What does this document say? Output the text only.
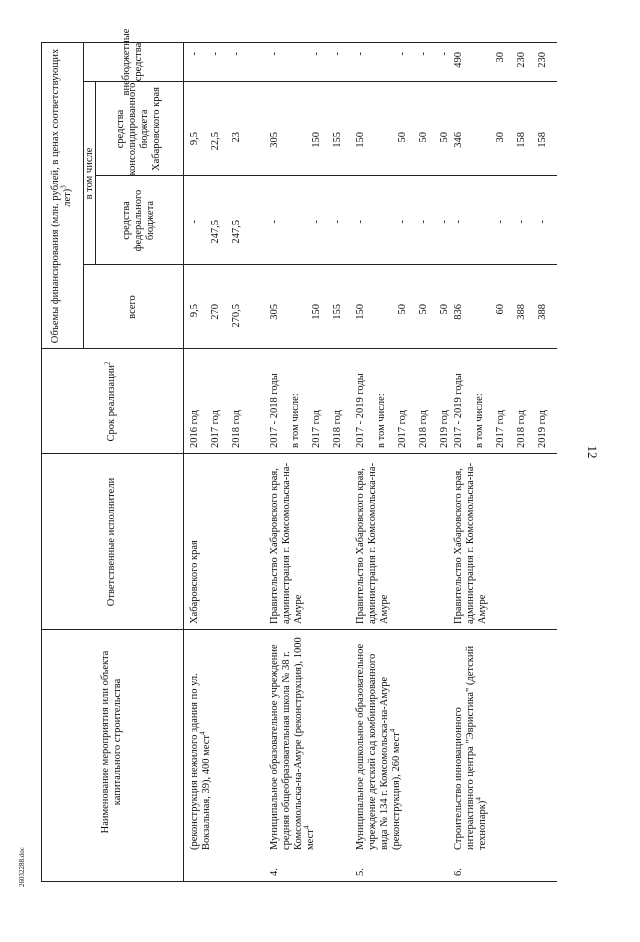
12
26032288.doc
Наименование мероприятия или объекта капитального строительства
Ответственные исполнители
Срок реализации$^2$
Объемы финансирования (млн. рублей, в ценах соответствующих лет)$^3$
всего
в том числе
средства федерального бюджета
средства консолидированного бюджета Хабаровского края
внебюджетные средства
(реконструкция нежилого здания по ул. Вокзальная, 39), 400 мест$^4$
Хабаровского края
2016 год
9,5
-
9,5
-
2017 год
270
247,5
22,5
-
2018 год
270,5
247,5
23
-
4.
Муниципальное образовательное учреждение средняя общеобразовательная школа № 38 г. Комсомольска-на-Амуре (реконструкция), 1000 мест$^4$
Правительство Хабаровского края, администрация г. Комсомольска-на-Амуре
2017 - 2018 годы
305
-
305
-
в том числе: 2017 год
150
-
150
-
2018 год
155
-
155
-
5.
Муниципальное дошкольное образовательное учреждение детский сад комбинированного вида № 134 г. Комсомольска-на-Амуре (реконструкция), 260 мест$^4$
Правительство Хабаровского края, администрация г. Комсомольска-на-Амуре
2017 - 2019 годы
150
-
150
-
в том числе: 2017 год
50
-
50
-
2018 год
50
-
50
-
2019 год
50
-
50
-
6.
Строительство инновационного интерактивного центра "Эвристика" (детский технопарк)$^4$
Правительство Хабаровского края, администрация г. Комсомольска-на-Амуре
2017 - 2019 годы
836
-
346
490
в том числе: 2017 год
60
-
30
30
2018 год
388
-
158
230
2019 год
388
-
158
230
